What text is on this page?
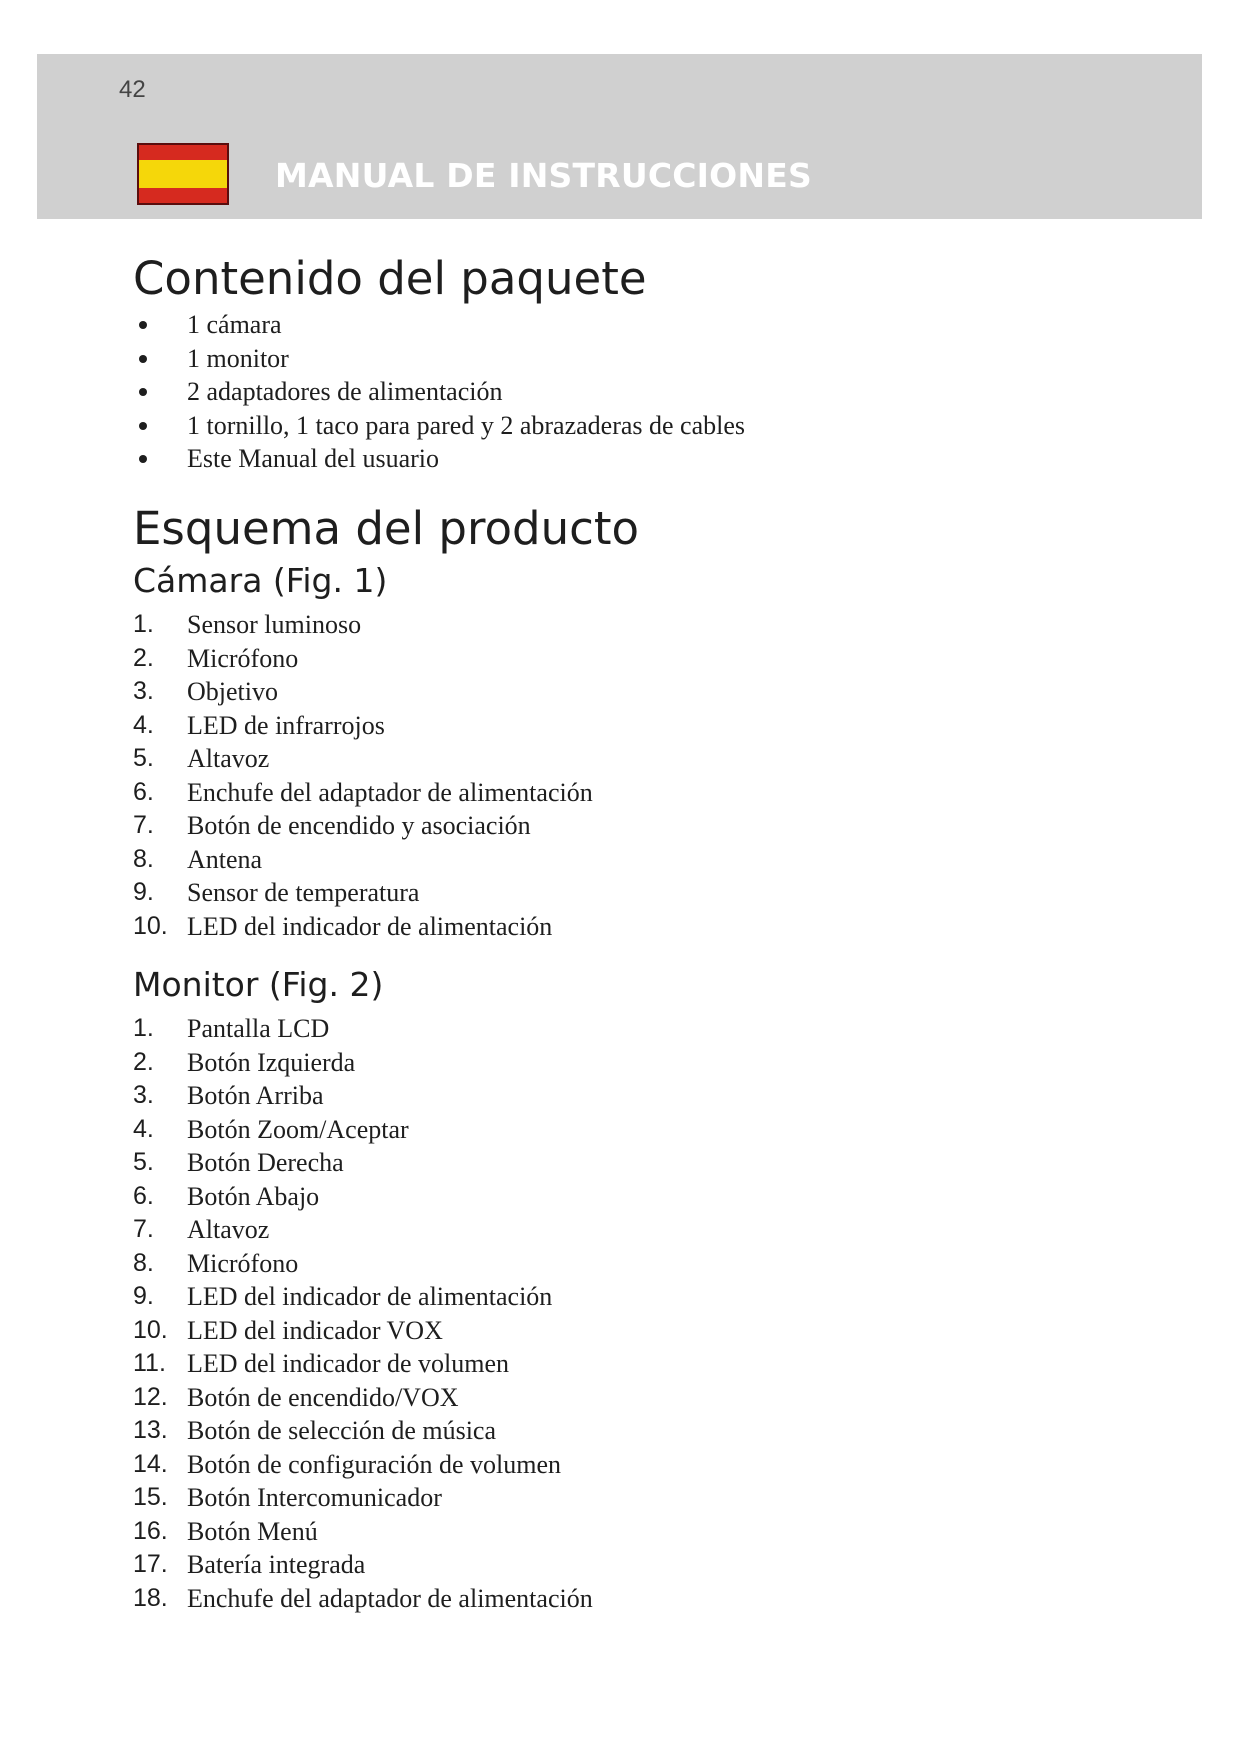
42
MANUAL DE INSTRUCCIONES
Contenido del paquete
1 cámara
1 monitor
2 adaptadores de alimentación
1 tornillo, 1 taco para pared y 2 abrazaderas de cables
Este Manual del usuario
Esquema del producto
Cámara (Fig. 1)
1. Sensor luminoso
2. Micrófono
3. Objetivo
4. LED de infrarrojos
5. Altavoz
6. Enchufe del adaptador de alimentación
7. Botón de encendido y asociación
8. Antena
9. Sensor de temperatura
10. LED del indicador de alimentación
Monitor (Fig. 2)
1. Pantalla LCD
2. Botón Izquierda
3. Botón Arriba
4. Botón Zoom/Aceptar
5. Botón Derecha
6. Botón Abajo
7. Altavoz
8. Micrófono
9. LED del indicador de alimentación
10. LED del indicador VOX
11. LED del indicador de volumen
12. Botón de encendido/VOX
13. Botón de selección de música
14. Botón de configuración de volumen
15. Botón Intercomunicador
16. Botón Menú
17. Batería integrada
18. Enchufe del adaptador de alimentación
